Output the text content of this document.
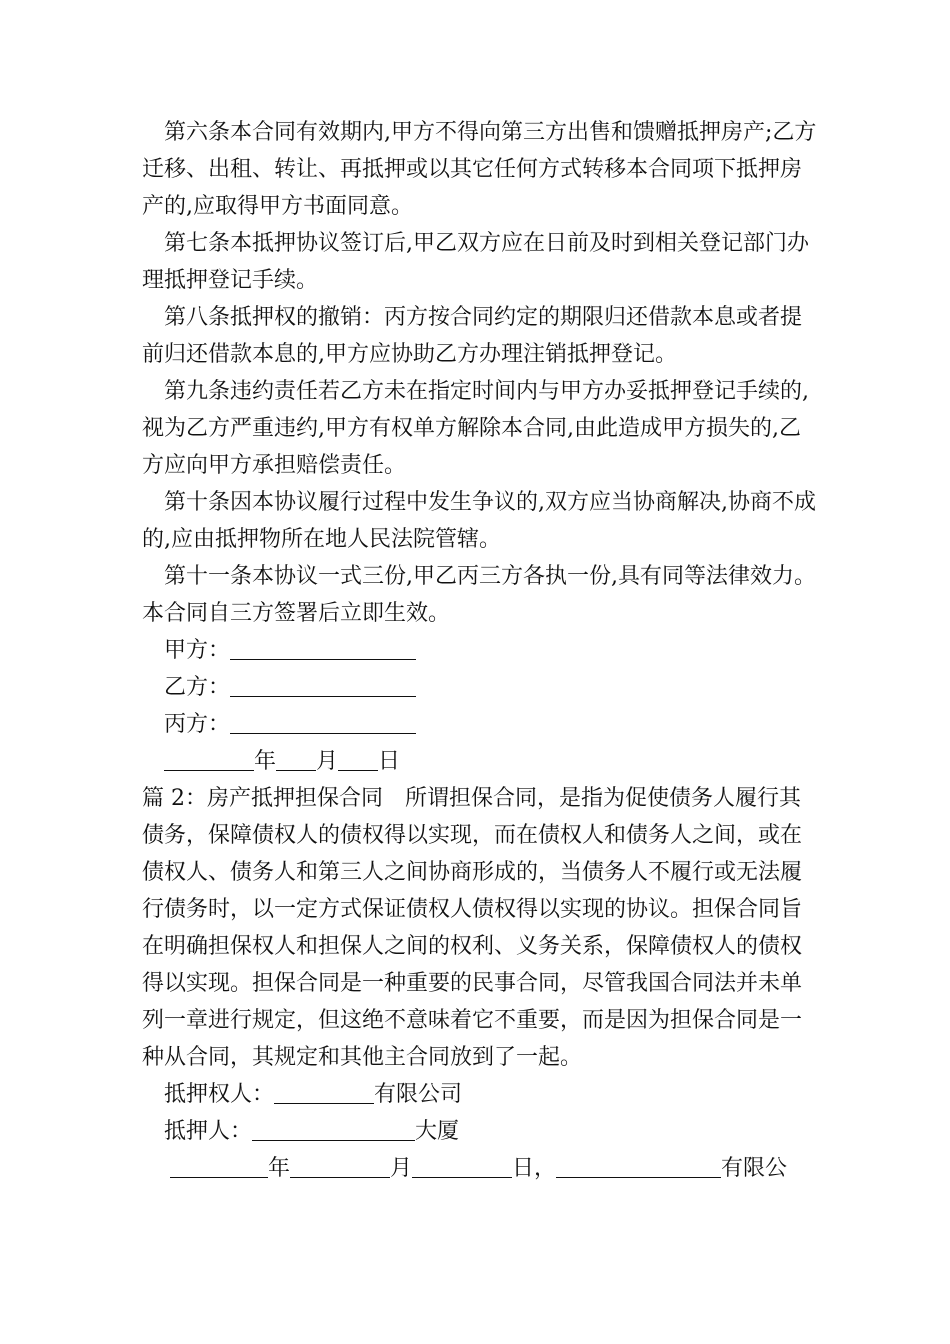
第六条本合同有效期内,甲方不得向第三方出售和馈赠抵押房产;乙方迁移、出租、转让、再抵押或以其它任何方式转移本合同项下抵押房产的,应取得甲方书面同意。

第七条本抵押协议签订后,甲乙双方应在日前及时到相关登记部门办理抵押登记手续。

第八条抵押权的撤销：丙方按合同约定的期限归还借款本息或者提前归还借款本息的,甲方应协助乙方办理注销抵押登记。

第九条违约责任若乙方未在指定时间内与甲方办妥抵押登记手续的,视为乙方严重违约,甲方有权单方解除本合同,由此造成甲方损失的,乙方应向甲方承担赔偿责任。

第十条因本协议履行过程中发生争议的,双方应当协商解决,协商不成的,应由抵押物所在地人民法院管辖。

第十一条本协议一式三份,甲乙丙三方各执一份,具有同等法律效力。本合同自三方签署后立即生效。

甲方：

乙方：

丙方：

年 月 日

篇 2：房产抵押担保合同　所谓担保合同，是指为促使债务人履行其债务，保障债权人的债权得以实现，而在债权人和债务人之间，或在债权人、债务人和第三人之间协商形成的，当债务人不履行或无法履行债务时，以一定方式保证债权人债权得以实现的协议。担保合同旨在明确担保权人和担保人之间的权利、义务关系，保障债权人的债权得以实现。担保合同是一种重要的民事合同，尽管我国合同法并未单列一章进行规定，但这绝不意味着它不重要，而是因为担保合同是一种从合同，其规定和其他主合同放到了一起。

抵押权人：	有限公司

抵押人：	大厦

年	月	日，	有限公
